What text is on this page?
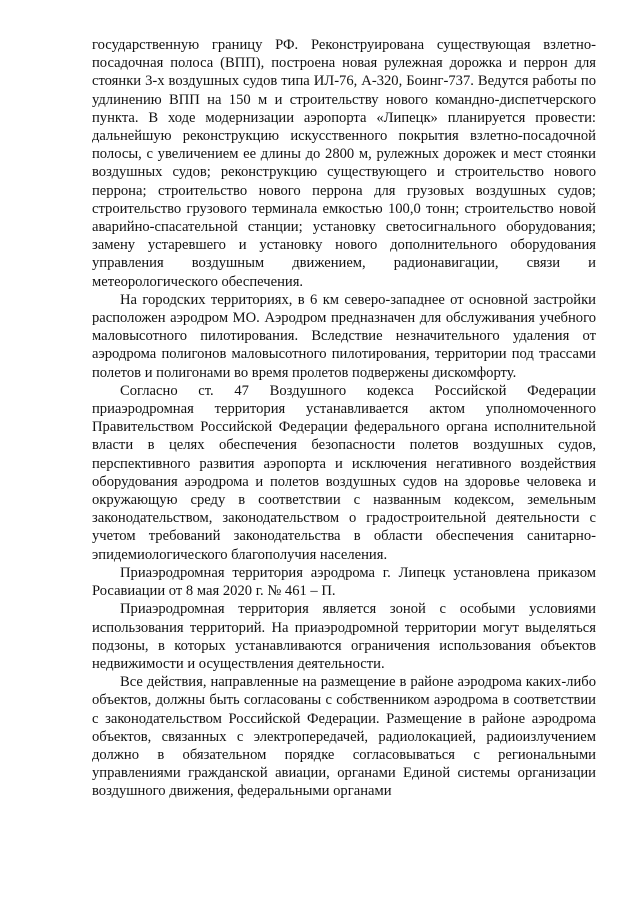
государственную границу РФ. Реконструирована существующая взлетно-посадочная полоса (ВПП), построена новая рулежная дорожка и перрон для стоянки 3-х воздушных судов типа ИЛ-76, А-320, Боинг-737. Ведутся работы по удлинению ВПП на 150 м и строительству нового командно-диспетчерского пункта. В ходе модернизации аэропорта «Липецк» планируется провести: дальнейшую реконструкцию искусственного покрытия взлетно-посадочной полосы, с увеличением ее длины до 2800 м, рулежных дорожек и мест стоянки воздушных судов; реконструкцию существующего и строительство нового перрона; строительство нового перрона для грузовых воздушных судов; строительство грузового терминала емкостью 100,0 тонн; строительство новой аварийно-спасательной станции; установку светосигнального оборудования; замену устаревшего и установку нового дополнительного оборудования управления воздушным движением, радионавигации, связи и метеорологического обеспечения.

На городских территориях, в 6 км северо-западнее от основной застройки расположен аэродром МО. Аэродром предназначен для обслуживания учебного маловысотного пилотирования. Вследствие незначительного удаления от аэродрома полигонов маловысотного пилотирования, территории под трассами полетов и полигонами во время пролетов подвержены дискомфорту.

Согласно ст. 47 Воздушного кодекса Российской Федерации приаэродромная территория устанавливается актом уполномоченного Правительством Российской Федерации федерального органа исполнительной власти в целях обеспечения безопасности полетов воздушных судов, перспективного развития аэропорта и исключения негативного воздействия оборудования аэродрома и полетов воздушных судов на здоровье человека и окружающую среду в соответствии с названным кодексом, земельным законодательством, законодательством о градостроительной деятельности с учетом требований законодательства в области обеспечения санитарно-эпидемиологического благополучия населения.

Приаэродромная территория аэродрома г. Липецк установлена приказом Росавиации от 8 мая 2020 г. № 461 – П.

Приаэродромная территория является зоной с особыми условиями использования территорий. На приаэродромной территории могут выделяться подзоны, в которых устанавливаются ограничения использования объектов недвижимости и осуществления деятельности.

Все действия, направленные на размещение в районе аэродрома каких-либо объектов, должны быть согласованы с собственником аэродрома в соответствии с законодательством Российской Федерации. Размещение в районе аэродрома объектов, связанных с электропередачей, радиолокацией, радиоизлучением должно в обязательном порядке согласовываться с региональными управлениями гражданской авиации, органами Единой системы организации воздушного движения, федеральными органами
